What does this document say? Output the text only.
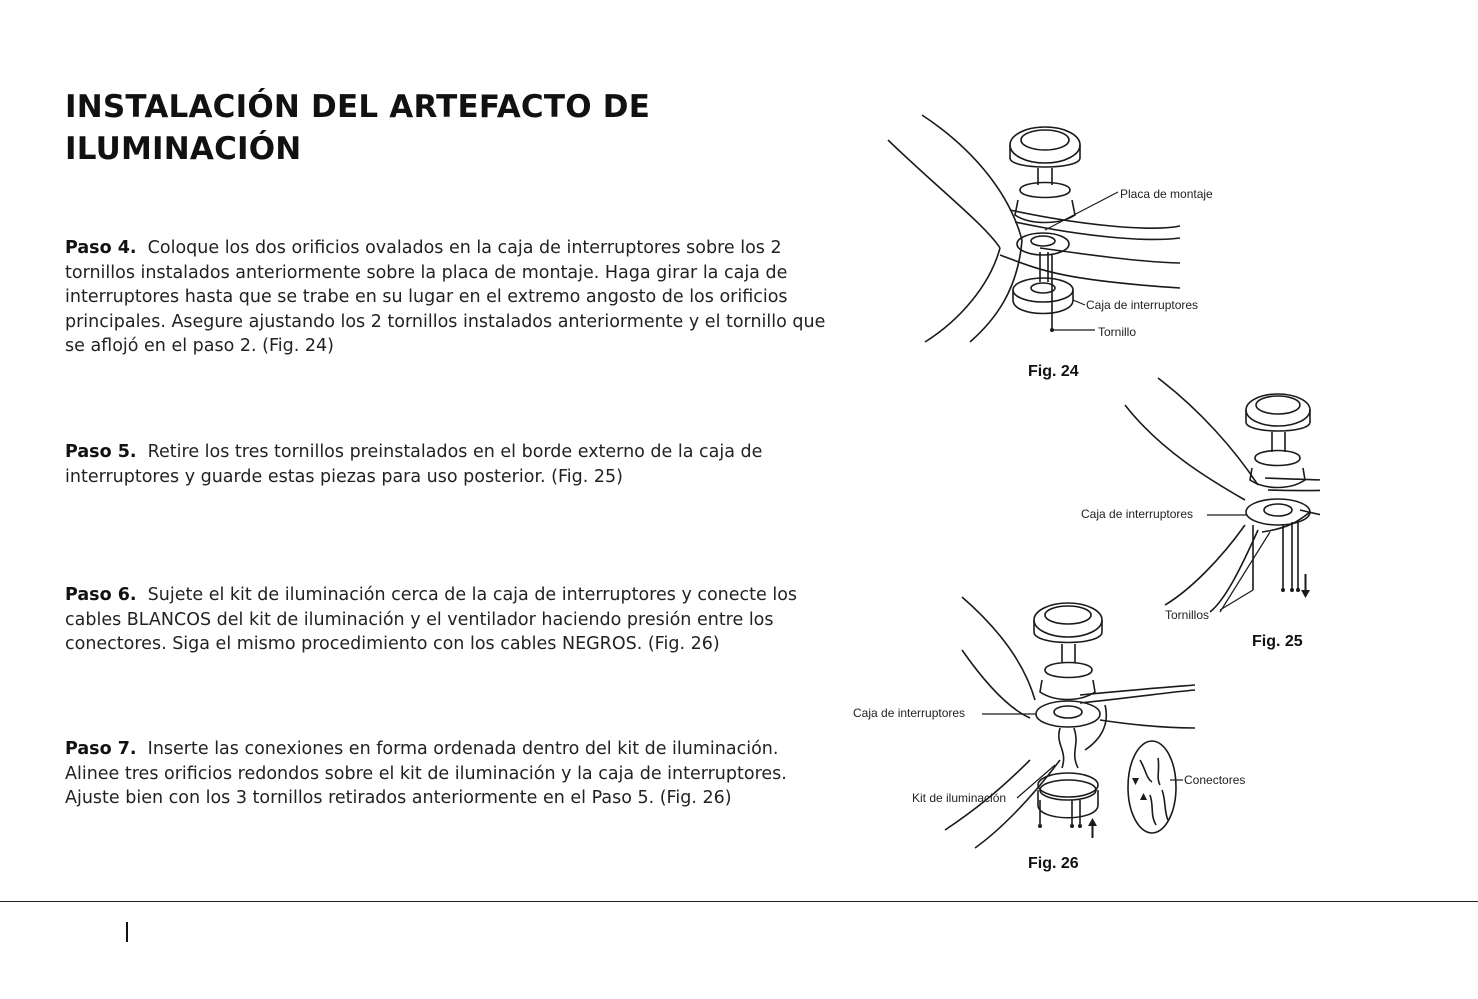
INSTALACIÓN DEL ARTEFACTO DE ILUMINACIÓN

Paso 4. Coloque los dos orificios ovalados en la caja de interruptores sobre los 2 tornillos instalados anteriormente sobre la placa de montaje. Haga girar la caja de interruptores hasta que se trabe en su lugar en el extremo angosto de los orificios principales. Asegure ajustando los 2 tornillos instalados anteriormente y el tornillo que se aflojó en el paso 2. (Fig. 24)

Paso 5. Retire los tres tornillos preinstalados en el borde externo de la caja de interruptores y guarde estas piezas para uso posterior. (Fig. 25)

Paso 6. Sujete el kit de iluminación cerca de la caja de interruptores y conecte los cables BLANCOS del kit de iluminación y el ventilador haciendo presión entre los conectores. Siga el mismo procedimiento con los cables NEGROS. (Fig. 26)

Paso 7. Inserte las conexiones en forma ordenada dentro del kit de iluminación. Alinee tres orificios redondos sobre el kit de iluminación y la caja de interruptores. Ajuste bien con los 3 tornillos retirados anteriormente en el Paso 5. (Fig. 26)

Placa de montaje
Caja de interruptores
Tornillo
Fig. 24
Caja de interruptores
Tornillos
Fig. 25
Caja de interruptores
Kit de iluminación
Conectores
Fig. 26
